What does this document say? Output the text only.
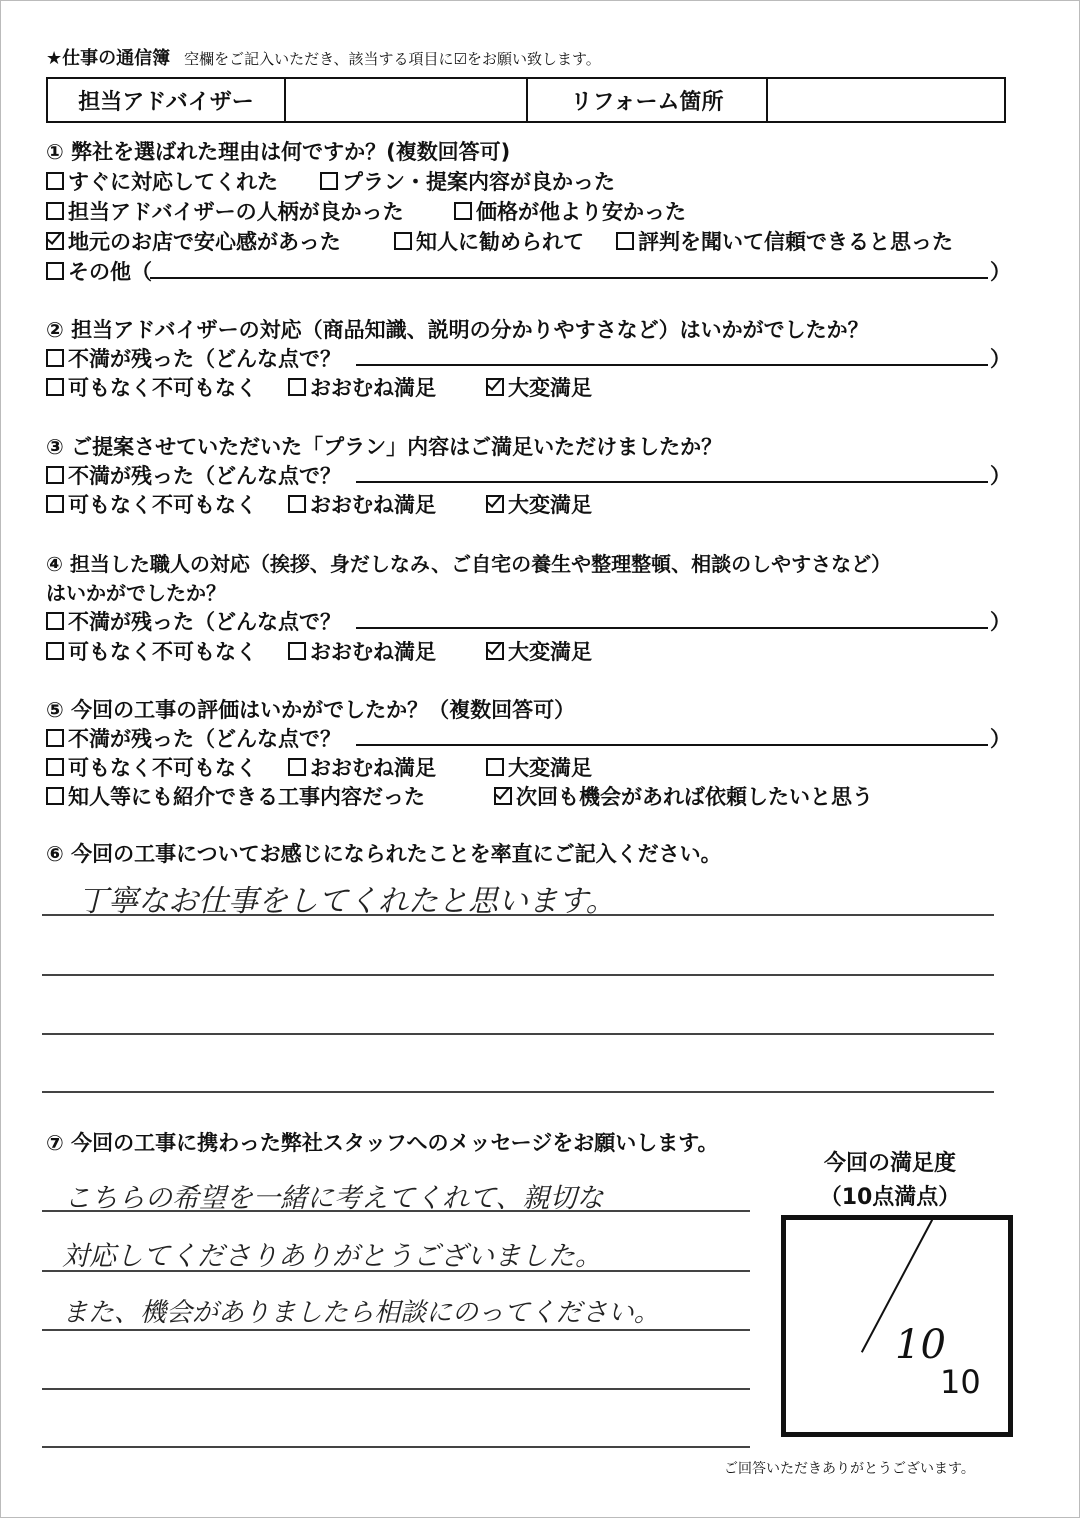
★仕事の通信簿 空欄をご記入いただき、該当する項目に☑をお願い致します。
担当アドバイザー	リフォーム箇所
① 弊社を選ばれた理由は何ですか？(複数回答可)
すぐに対応してくれた	プラン・提案内容が良かった
担当アドバイザーの人柄が良かった	価格が他より安かった
地元のお店で安心感があった	知人に勧められて	評判を聞いて信頼できると思った
その他（	）
② 担当アドバイザーの対応（商品知識、説明の分かりやすさなど）はいかがでしたか？
不満が残った（どんな点で？	）
可もなく不可もなく	おおむね満足	大変満足
③ ご提案させていただいた「プラン」内容はご満足いただけましたか？
不満が残った（どんな点で？	）
可もなく不可もなく	おおむね満足	大変満足
④ 担当した職人の対応（挨拶、身だしなみ、ご自宅の養生や整理整頓、相談のしやすさなど）
はいかがでしたか？
不満が残った（どんな点で？	）
可もなく不可もなく	おおむね満足	大変満足
⑤ 今回の工事の評価はいかがでしたか？（複数回答可）
不満が残った（どんな点で？	）
可もなく不可もなく	おおむね満足	大変満足
知人等にも紹介できる工事内容だった	次回も機会があれば依頼したいと思う
⑥ 今回の工事についてお感じになられたことを率直にご記入ください。
丁寧なお仕事をしてくれたと思います。
⑦ 今回の工事に携わった弊社スタッフへのメッセージをお願いします。
こちらの希望を一緒に考えてくれて、親切な
対応してくださりありがとうございました。
また、機会がありましたら相談にのってください。
今回の満足度
（10点満点）
10
10
ご回答いただきありがとうございます。
